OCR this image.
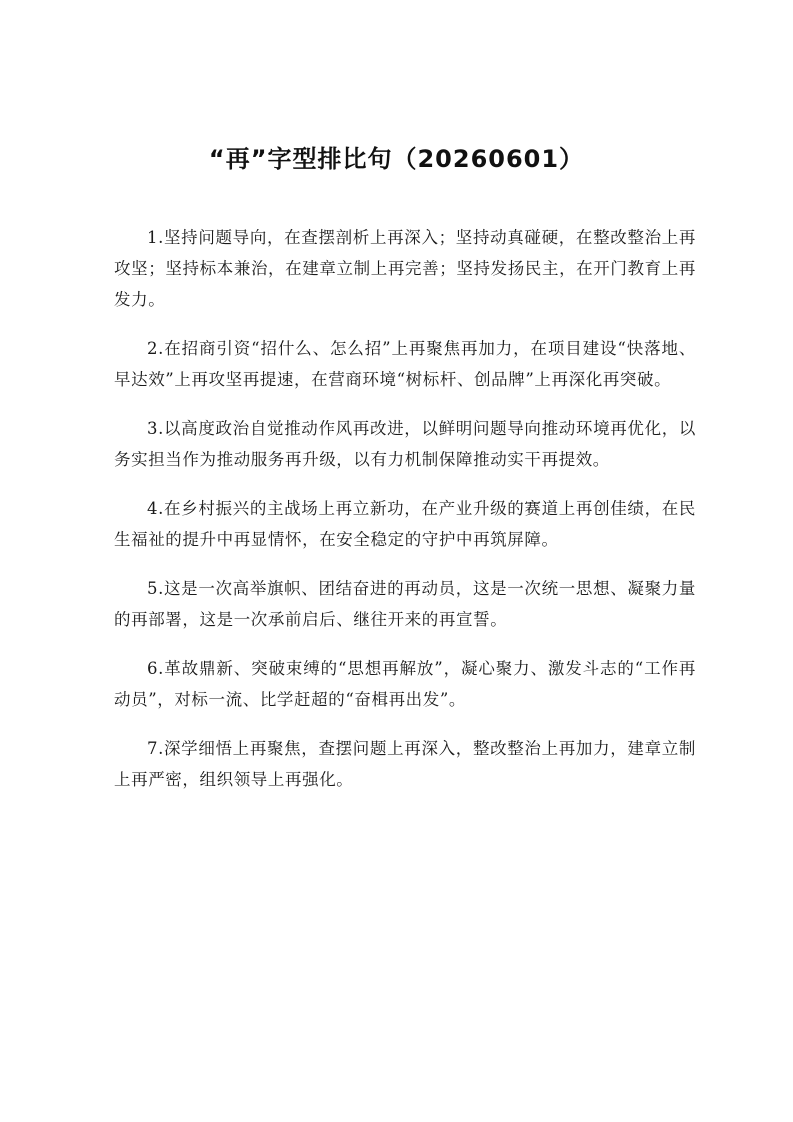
“再”字型排比句（20260601）

1.坚持问题导向，在查摆剖析上再深入；坚持动真碰硬，在整改整治上再攻坚；坚持标本兼治，在建章立制上再完善；坚持发扬民主，在开门教育上再发力。

2.在招商引资“招什么、怎么招”上再聚焦再加力，在项目建设“快落地、早达效”上再攻坚再提速，在营商环境“树标杆、创品牌”上再深化再突破。

3.以高度政治自觉推动作风再改进，以鲜明问题导向推动环境再优化，以务实担当作为推动服务再升级，以有力机制保障推动实干再提效。

4.在乡村振兴的主战场上再立新功，在产业升级的赛道上再创佳绩，在民生福祉的提升中再显情怀，在安全稳定的守护中再筑屏障。

5.这是一次高举旗帜、团结奋进的再动员，这是一次统一思想、凝聚力量的再部署，这是一次承前启后、继往开来的再宣誓。

6.革故鼎新、突破束缚的“思想再解放”，凝心聚力、激发斗志的“工作再动员”，对标一流、比学赶超的“奋楫再出发”。

7.深学细悟上再聚焦，查摆问题上再深入，整改整治上再加力，建章立制上再严密，组织领导上再强化。
